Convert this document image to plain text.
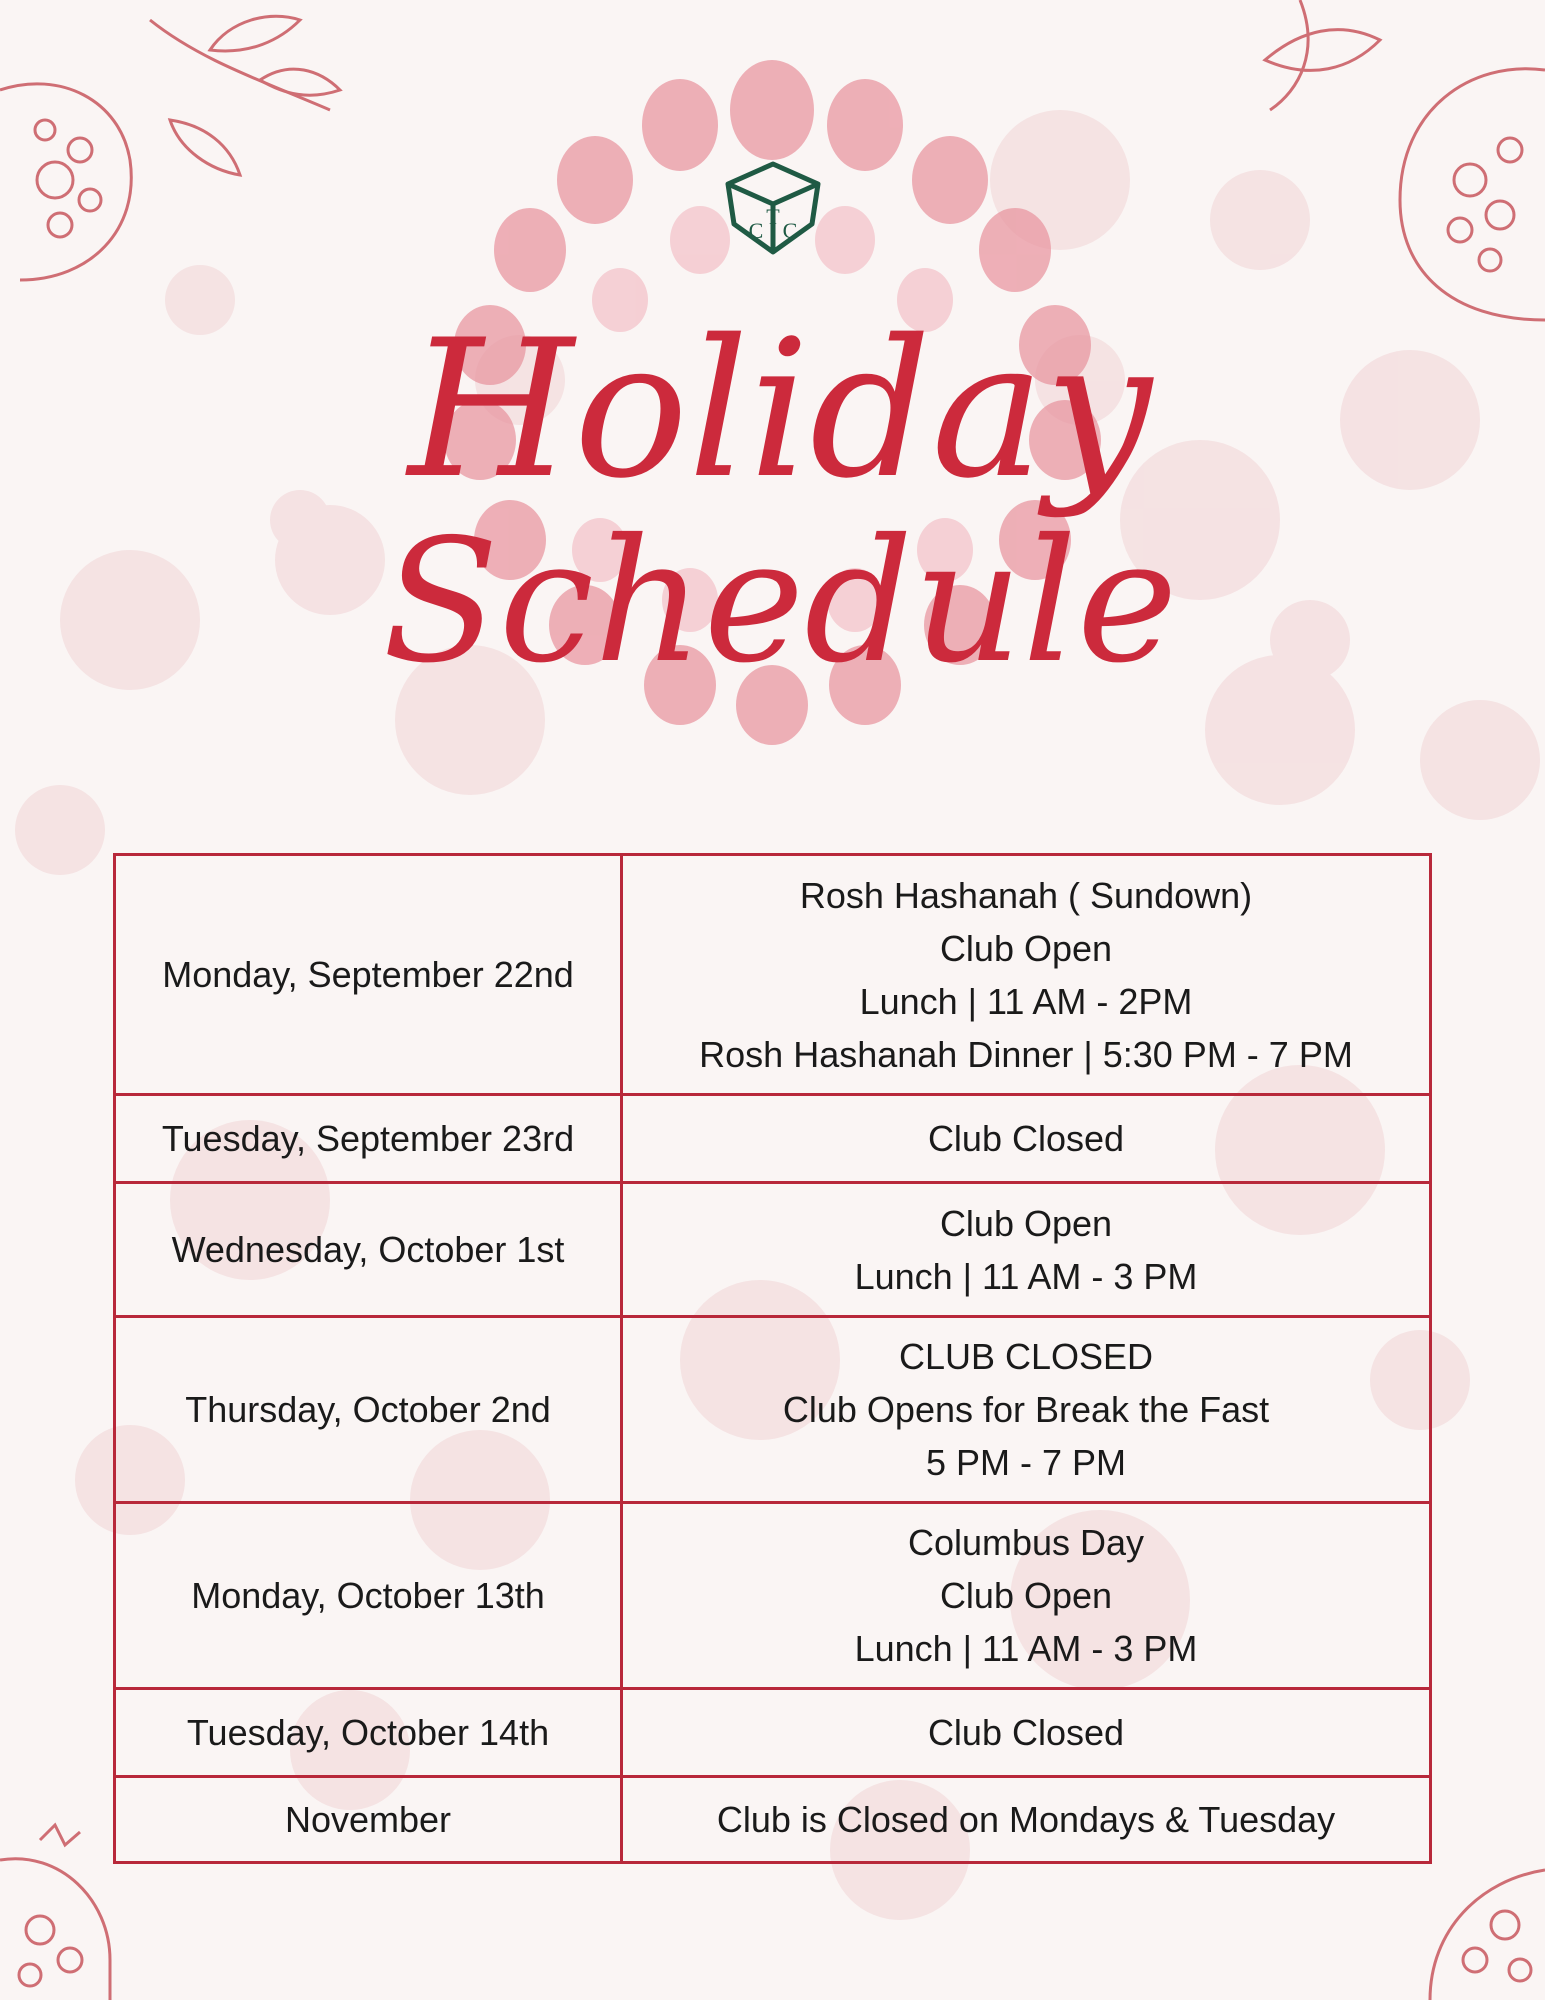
C
T
C
Holiday
Schedule
Monday, September 22nd	Rosh Hashanah ( Sundown)
Club Open
Lunch | 11 AM - 2PM
Rosh Hashanah Dinner | 5:30 PM - 7 PM

Tuesday, September 23rd	Club Closed

Wednesday, October 1st	Club Open
Lunch | 11 AM - 3 PM

Thursday, October 2nd	CLUB CLOSED
Club Opens for Break the Fast
5 PM - 7 PM

Monday, October 13th	Columbus Day
Club Open
Lunch | 11 AM - 3 PM

Tuesday, October 14th	Club Closed

November	Club is Closed on Mondays & Tuesday
